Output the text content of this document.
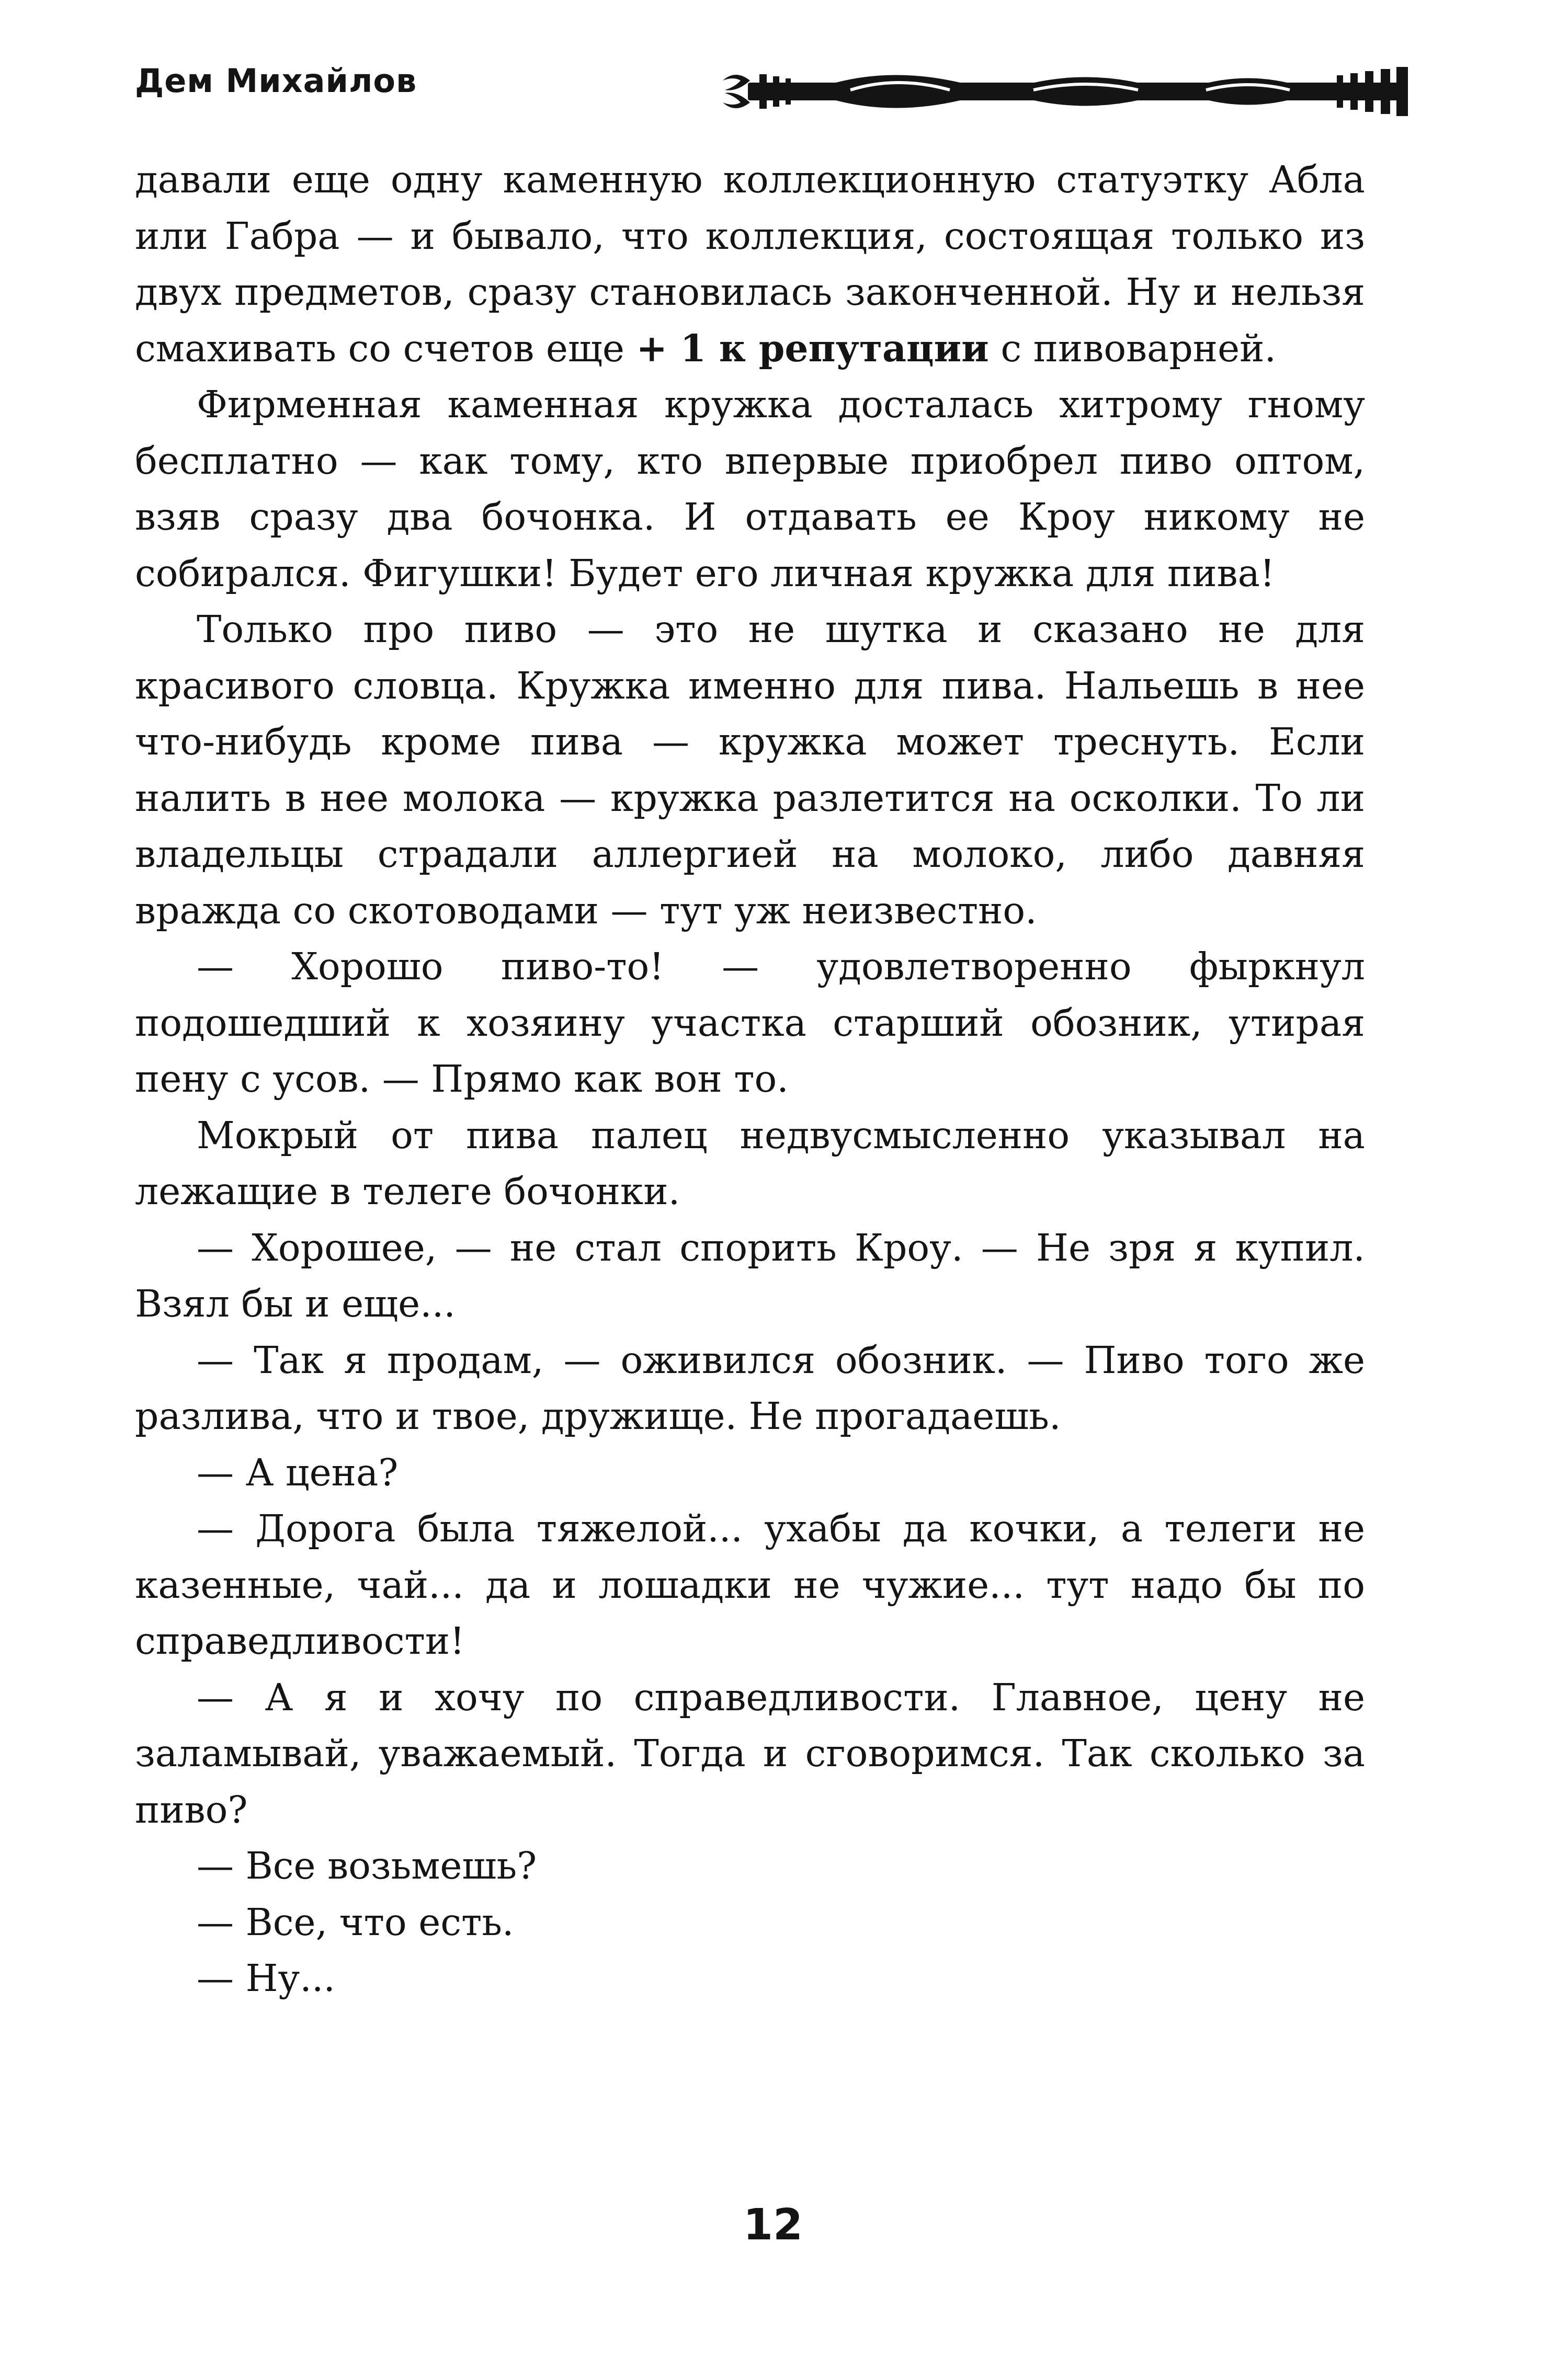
Дем Михайлов

давали еще одну каменную коллекционную статуэтку Абла или Габра — и бывало, что коллекция, состоящая только из двух предметов, сразу становилась законченной. Ну и нельзя смахивать со счетов еще + 1 к репутации с пивоварней.

Фирменная каменная кружка досталась хитрому гному бесплатно — как тому, кто впервые приобрел пиво оптом, взяв сразу два бочонка. И отдавать ее Кроу никому не собирался. Фигушки! Будет его личная кружка для пива!

Только про пиво — это не шутка и сказано не для красивого словца. Кружка именно для пива. Нальешь в нее что-нибудь кроме пива — кружка может треснуть. Если налить в нее молока — кружка разлетится на осколки. То ли владельцы страдали аллергией на молоко, либо давняя вражда со скотоводами — тут уж неизвестно.

— Хорошо пиво-то! — удовлетворенно фыркнул подошедший к хозяину участка старший обозник, утирая пену с усов. — Прямо как вон то.

Мокрый от пива палец недвусмысленно указывал на лежащие в телеге бочонки.

— Хорошее, — не стал спорить Кроу. — Не зря я купил. Взял бы и еще...

— Так я продам, — оживился обозник. — Пиво того же разлива, что и твое, дружище. Не прогадаешь.

— А цена?

— Дорога была тяжелой... ухабы да кочки, а телеги не казенные, чай... да и лошадки не чужие... тут надо бы по справедливости!

— А я и хочу по справедливости. Главное, цену не заламывай, уважаемый. Тогда и сговоримся. Так сколько за пиво?

— Все возьмешь?

— Все, что есть.

— Ну...

12
